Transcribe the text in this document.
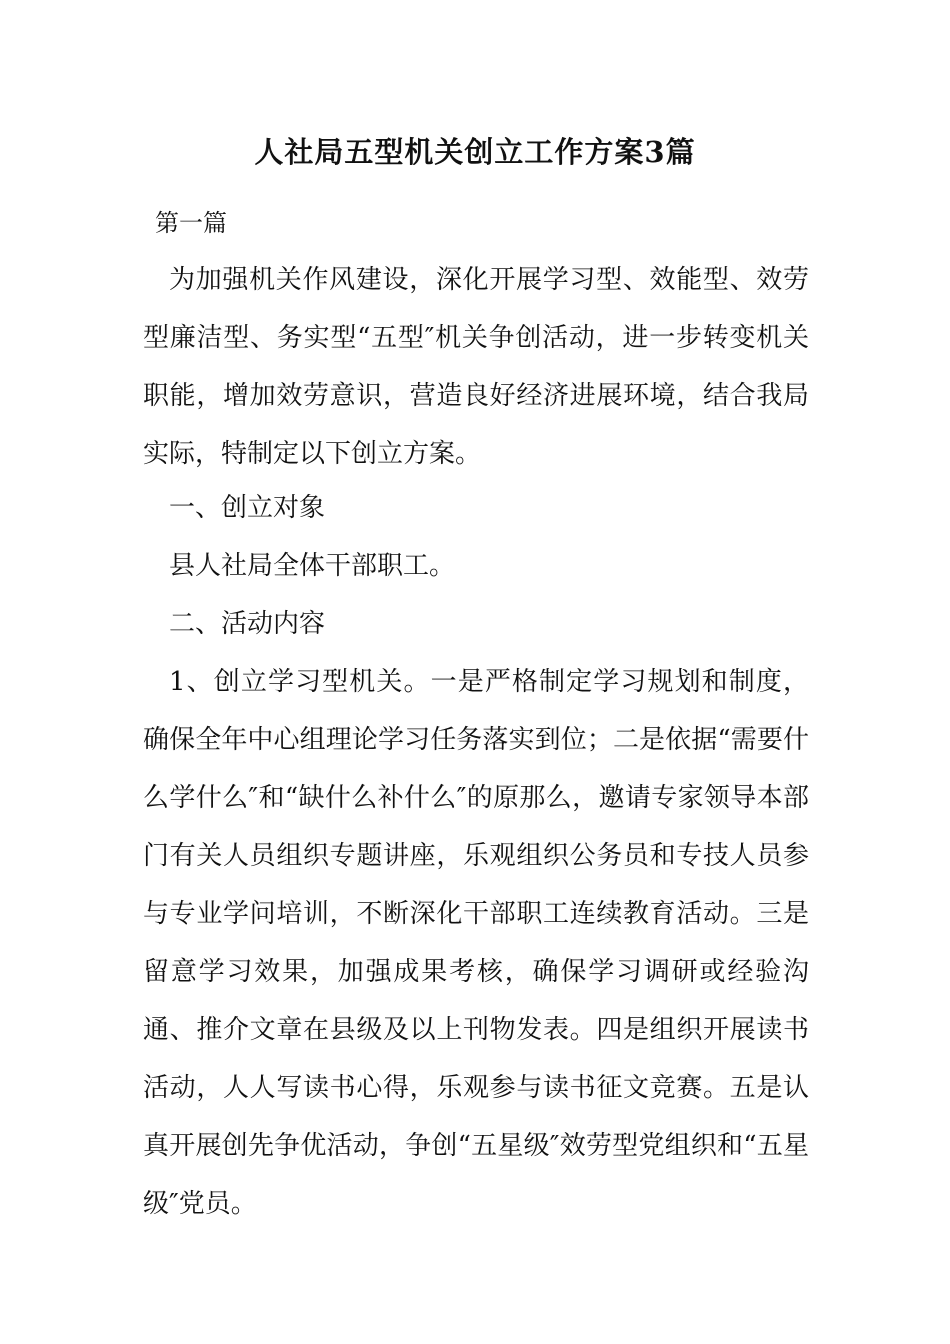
人社局五型机关创立工作方案3篇
第一篇

为加强机关作风建设，深化开展学习型、效能型、效劳型廉洁型、务实型“五型″机关争创活动，进一步转变机关职能，增加效劳意识，营造良好经济进展环境，结合我局实际，特制定以下创立方案。

一、创立对象

县人社局全体干部职工。

二、活动内容

1、创立学习型机关。一是严格制定学习规划和制度，确保全年中心组理论学习任务落实到位；二是依据“需要什么学什么″和“缺什么补什么″的原那么，邀请专家领导本部门有关人员组织专题讲座，乐观组织公务员和专技人员参与专业学问培训，不断深化干部职工连续教育活动。三是留意学习效果，加强成果考核，确保学习调研或经验沟通、推介文章在县级及以上刊物发表。四是组织开展读书活动，人人写读书心得，乐观参与读书征文竞赛。五是认真开展创先争优活动，争创“五星级″效劳型党组织和“五星级″党员。
